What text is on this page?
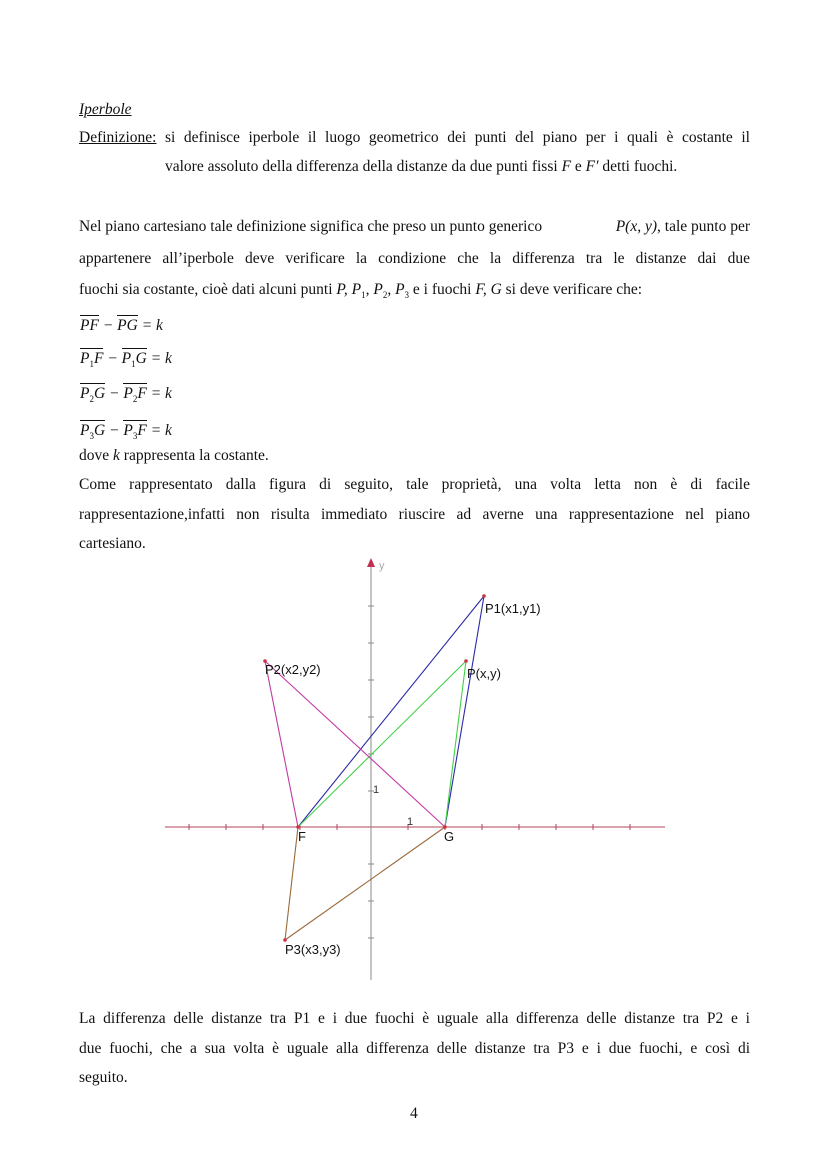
Iperbole
Definizione: si definisce iperbole il luogo geometrico dei punti del piano per i quali è costante il
valore assoluto della differenza della distanze da due punti fissi F e F′ detti fuochi.
Nel piano cartesiano tale definizione significa che preso un punto generico	P(x, y), tale punto per
appartenere all’iperbole deve verificare la condizione che la differenza tra le distanze dai due
fuochi sia costante, cioè dati alcuni punti P, $P_1$, $P_2$, $P_3$ e i fuochi F, G si deve verificare che:
PF − PG = k
$P_1F - P_1G = k$
$P_2G - P_2F = k$
$P_3G - P_3F = k$
dove k rappresenta la costante.
Come rappresentato dalla figura di seguito, tale proprietà, una volta letta non è di facile
rappresentazione,infatti non risulta immediato riuscire ad averne una rappresentazione nel piano
cartesiano.
y
1
1
P1(x1,y1)
P(x,y)
P2(x2,y2)
P3(x3,y3)
F	G
La differenza delle distanze tra P1 e i due fuochi è uguale alla differenza delle distanze tra P2 e i
due fuochi, che a sua volta è uguale alla differenza delle distanze tra P3 e i due fuochi, e così di
seguito.
4
